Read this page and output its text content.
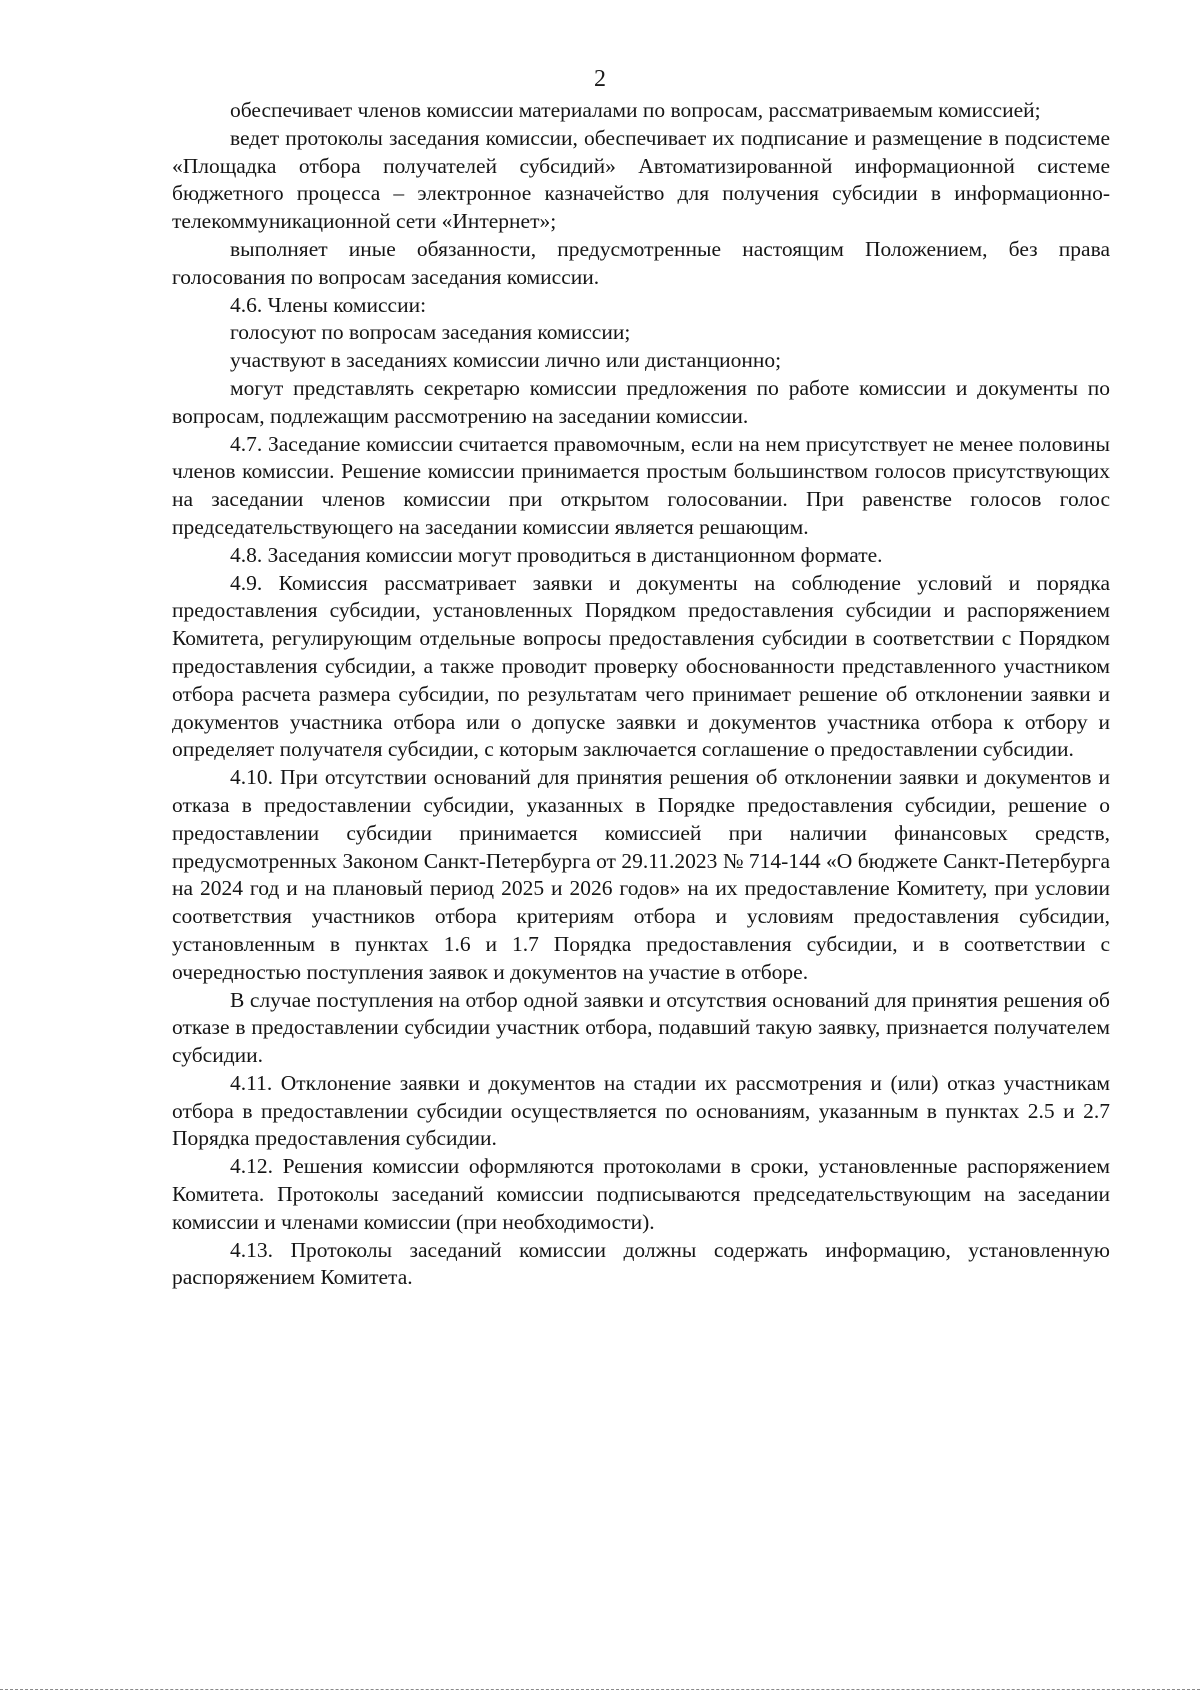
2

обеспечивает членов комиссии материалами по вопросам, рассматриваемым комиссией;

ведет протоколы заседания комиссии, обеспечивает их подписание и размещение в подсистеме «Площадка отбора получателей субсидий» Автоматизированной информационной системе бюджетного процесса – электронное казначейство для получения субсидии в информационно-телекоммуникационной сети «Интернет»;

выполняет иные обязанности, предусмотренные настоящим Положением, без права голосования по вопросам заседания комиссии.

4.6. Члены комиссии:

голосуют по вопросам заседания комиссии;

участвуют в заседаниях комиссии лично или дистанционно;

могут представлять секретарю комиссии предложения по работе комиссии и документы по вопросам, подлежащим рассмотрению на заседании комиссии.

4.7. Заседание комиссии считается правомочным, если на нем присутствует не менее половины членов комиссии. Решение комиссии принимается простым большинством голосов присутствующих на заседании членов комиссии при открытом голосовании. При равенстве голосов голос председательствующего на заседании комиссии является решающим.

4.8. Заседания комиссии могут проводиться в дистанционном формате.

4.9. Комиссия рассматривает заявки и документы на соблюдение условий и порядка предоставления субсидии, установленных Порядком предоставления субсидии и распоряжением Комитета, регулирующим отдельные вопросы предоставления субсидии в соответствии с Порядком предоставления субсидии, а также проводит проверку обоснованности представленного участником отбора расчета размера субсидии, по результатам чего принимает решение об отклонении заявки и документов участника отбора или о допуске заявки и документов участника отбора к отбору и определяет получателя субсидии, с которым заключается соглашение о предоставлении субсидии.

4.10. При отсутствии оснований для принятия решения об отклонении заявки и документов и отказа в предоставлении субсидии, указанных в Порядке предоставления субсидии, решение о предоставлении субсидии принимается комиссией при наличии финансовых средств, предусмотренных Законом Санкт-Петербурга от 29.11.2023 № 714-144 «О бюджете Санкт-Петербурга на 2024 год и на плановый период 2025 и 2026 годов» на их предоставление Комитету, при условии соответствия участников отбора критериям отбора и условиям предоставления субсидии, установленным в пунктах 1.6 и 1.7 Порядка предоставления субсидии, и в соответствии с очередностью поступления заявок и документов на участие в отборе.

В случае поступления на отбор одной заявки и отсутствия оснований для принятия решения об отказе в предоставлении субсидии участник отбора, подавший такую заявку, признается получателем субсидии.

4.11. Отклонение заявки и документов на стадии их рассмотрения и (или) отказ участникам отбора в предоставлении субсидии осуществляется по основаниям, указанным в пунктах 2.5 и 2.7 Порядка предоставления субсидии.

4.12. Решения комиссии оформляются протоколами в сроки, установленные распоряжением Комитета. Протоколы заседаний комиссии подписываются председательствующим на заседании комиссии и членами комиссии (при необходимости).

4.13. Протоколы заседаний комиссии должны содержать информацию, установленную распоряжением Комитета.
